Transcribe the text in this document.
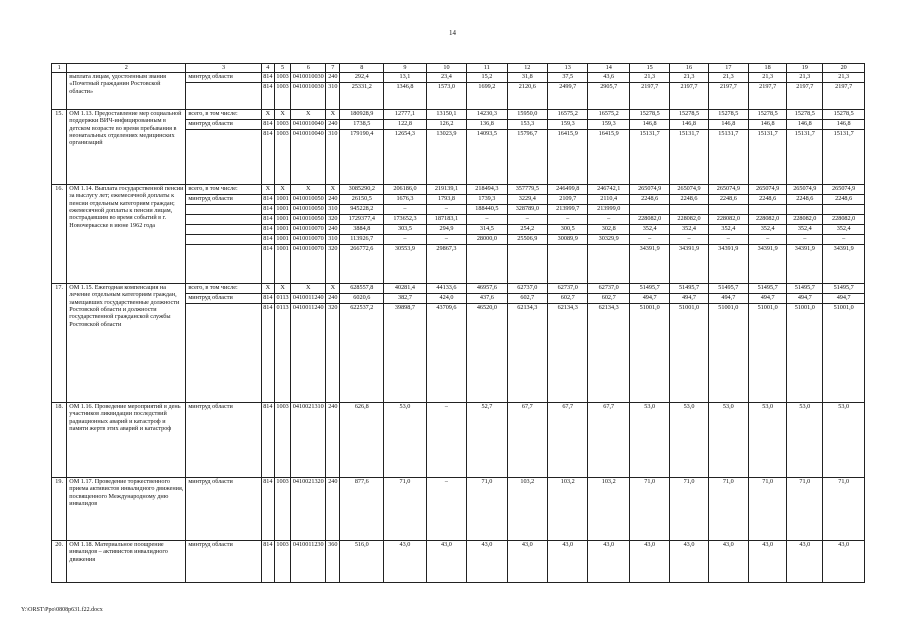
14
1	2	3	4	5	6	7	8	9	10	11	12	13	14	15	16	17	18	19	20
	выплата лицам, удостоенным звания «Почетный гражданин Ростовской области»	минтруд области	814	1003	0410010030	240	292,4	13,1	23,4	15,2	31,8	37,5	43,6	21,3	21,3	21,3	21,3	21,3	21,3
			814	1003	0410010030	310	25331,2	1346,8	1573,0	1699,2	2120,6	2499,7	2905,7	2197,7	2197,7	2197,7	2197,7	2197,7	2197,7
15.	ОМ 1.13. Предоставление мер социальной поддержки ВИЧ-инфицированным в детском возрасте во время пребывания в неонатальных отделениях медицинских организаций	всего, в том числе:	X	X	X	X	180928,9	12777,1	13150,1	14230,3	15950,0	16575,2	16575,2	15278,5	15278,5	15278,5	15278,5	15278,5	15278,5
		минтруд области	814	1003	0410010040	240	1738,5	122,8	126,2	136,8	153,3	159,3	159,3	146,8	146,8	146,8	146,8	146,8	146,8
			814	1003	0410010040	310	179190,4	12654,3	13023,9	14093,5	15796,7	16415,9	16415,9	15131,7	15131,7	15131,7	15131,7	15131,7	15131,7
16.	ОМ 1.14. Выплата государственной пенсии за выслугу лет; ежемесячной доплаты к пенсии отдельным категориям граждан; ежемесячной доплаты к пенсии лицам, пострадавшим во время событий в г. Новочеркасске в июне 1962 года	всего, в том числе:	X	X	X	X	3085290,2	206186,0	219139,1	218494,3	357779,5	246499,8	246742,1	265074,9	265074,9	265074,9	265074,9	265074,9	265074,9
		минтруд области	814	1001	0410010050	240	26150,5	1676,3	1793,8	1739,3	3229,4	2109,7	2110,4	2248,6	2248,6	2248,6	2248,6	2248,6	2248,6
			814	1001	0410010050	310	945228,2	–	–	188440,5	328789,0	213999,7	213999,0						
			814	1001	0410010050	320	1729377,4	173652,3	187183,1	–	–	–	–	228082,0	228082,0	228082,0	228082,0	228082,0	228082,0
			814	1001	0410010070	240	3884,8	303,5	294,9	314,5	254,2	300,5	302,8	352,4	352,4	352,4	352,4	352,4	352,4
			814	1001	0410010070	310	113926,7	–	–	28000,0	25506,9	30089,9	30329,9	–	–	–	–	–	–
			814	1001	0410010070	320	266772,6	30553,9	29867,3					34391,9	34391,9	34391,9	34391,9	34391,9	34391,9
17.	ОМ 1.15. Ежегодная компенсация на лечение отдельным категориям граждан, замещавших государственные должности Ростовской области и должности государственной гражданской службы Ростовской области	всего, в том числе:	X	X	X	X	628557,8	40281,4	44133,6	46957,6	62737,0	62737,0	62737,0	51495,7	51495,7	51495,7	51495,7	51495,7	51495,7
		минтруд области	814	0113	0410011240	240	6020,6	382,7	424,0	437,6	602,7	602,7	602,7	494,7	494,7	494,7	494,7	494,7	494,7
			814	0113	0410011240	320	622537,2	39898,7	43709,6	46520,0	62134,3	62134,3	62134,3	51001,0	51001,0	51001,0	51001,0	51001,0	51001,0
18.	ОМ 1.16. Проведение мероприятий в день участников ликвидации последствий радиационных аварий и катастроф и памяти жертв этих аварий и катастроф	минтруд области	814	1003	0410021310	240	626,8	53,0	–	52,7	67,7	67,7	67,7	53,0	53,0	53,0	53,0	53,0	53,0
19.	ОМ 1.17. Проведение торжественного приема активистов инвалидного движения, посвященного Международному дню инвалидов	минтруд области	814	1003	0410021320	240	877,6	71,0	–	71,0	103,2	103,2	103,2	71,0	71,0	71,0	71,0	71,0	71,0
20.	ОМ 1.18. Материальное поощрение инвалидов – активистов инвалидного движения	минтруд области	814	1003	0410011230	360	516,0	43,0	43,0	43,0	43,0	43,0	43,0	43,0	43,0	43,0	43,0	43,0	43,0
Y:\ORST\Ppo\0808p631.f22.docx
